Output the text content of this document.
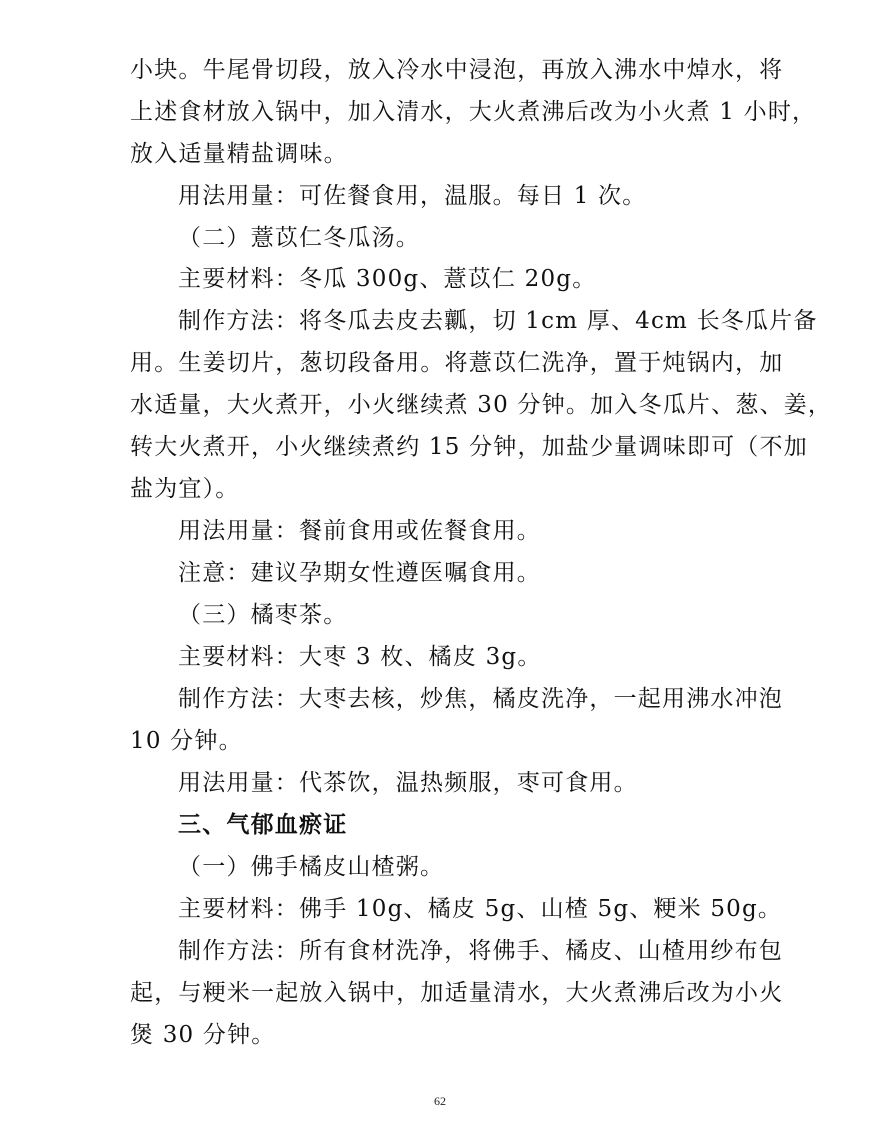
小块。牛尾骨切段，放入冷水中浸泡，再放入沸水中焯水，将
上述食材放入锅中，加入清水，大火煮沸后改为小火煮 1 小时，
放入适量精盐调味。
用法用量：可佐餐食用，温服。每日 1 次。
（二）薏苡仁冬瓜汤。
主要材料：冬瓜 300g、薏苡仁 20g。
制作方法：将冬瓜去皮去瓤，切 1cm 厚、4cm 长冬瓜片备
用。生姜切片，葱切段备用。将薏苡仁洗净，置于炖锅内，加
水适量，大火煮开，小火继续煮 30 分钟。加入冬瓜片、葱、姜，
转大火煮开，小火继续煮约 15 分钟，加盐少量调味即可（不加
盐为宜）。
用法用量：餐前食用或佐餐食用。
注意：建议孕期女性遵医嘱食用。
（三）橘枣茶。
主要材料：大枣 3 枚、橘皮 3g。
制作方法：大枣去核，炒焦，橘皮洗净，一起用沸水冲泡
10 分钟。
用法用量：代茶饮，温热频服，枣可食用。
三、气郁血瘀证
（一）佛手橘皮山楂粥。
主要材料：佛手 10g、橘皮 5g、山楂 5g、粳米 50g。
制作方法：所有食材洗净，将佛手、橘皮、山楂用纱布包
起，与粳米一起放入锅中，加适量清水，大火煮沸后改为小火
煲 30 分钟。
62
